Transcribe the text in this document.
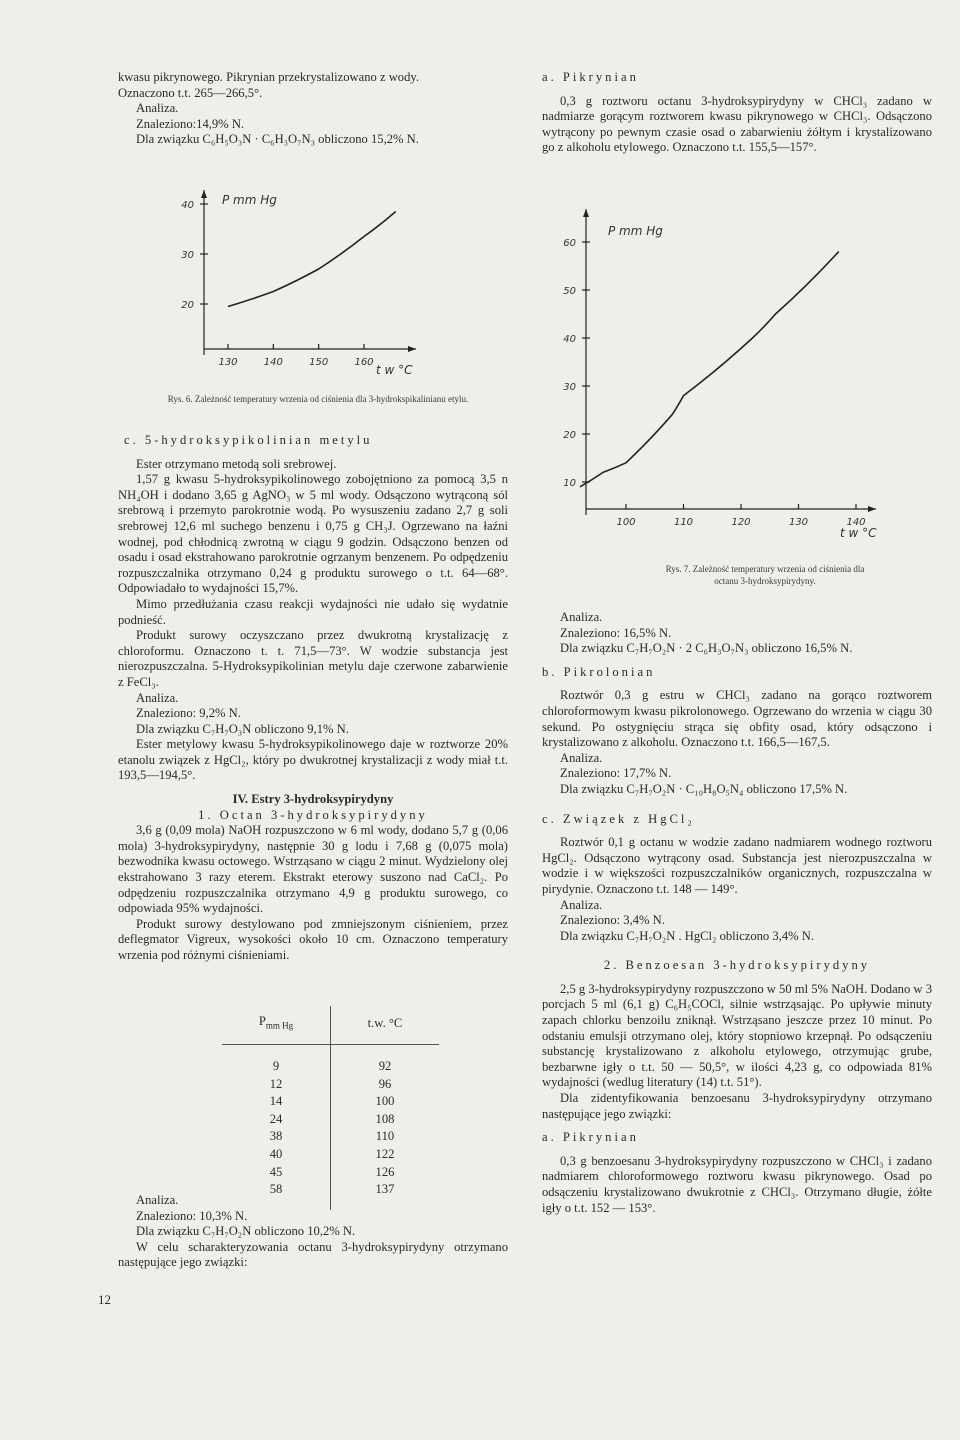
kwasu pikrynowego. Pikrynian przekrystalizowano z wody.

Oznaczono t.t. 265—266,5°.

Analiza.

Znaleziono:14,9% N.

Dla związku C₆H₅O₃N · C₆H₃O₇N₃ obliczono 15,2% N.

20
30
40
130	140	150	160
P mm Hg
t w °C
Rys. 6. Zależność temperatury wrzenia od ciśnienia dla 3-hydrokspikalinianu etylu.

c. 5-hydroksypikolinian metylu

Ester otrzymano metodą soli srebrowej.

1,57 g kwasu 5-hydroksypikolinowego zobojętniono za pomocą 3,5 n NH₄OH i dodano 3,65 g AgNO₃ w 5 ml wody. Odsączono wytrąconą sól srebrową i przemyto parokrotnie wodą. Po wysuszeniu zadano 2,7 g soli srebrowej 12,6 ml suchego benzenu i 0,75 g CH₃J. Ogrzewano na łaźni wodnej, pod chłodnicą zwrotną w ciągu 9 godzin. Odsączono benzen od osadu i osad ekstrahowano parokrotnie ogrzanym benzenem. Po odpędzeniu rozpuszczalnika otrzymano 0,24 g produktu surowego o t.t. 64—68°. Odpowiadało to wydajności 15,7%.

Mimo przedłużania czasu reakcji wydajności nie udało się wydatnie podnieść.

Produkt surowy oczyszczano przez dwukrotną krystalizację z chloroformu. Oznaczono t. t. 71,5—73°. W wodzie substancja jest nierozpuszczalna. 5-Hydroksypikolinian metylu daje czerwone zabarwienie z FeCl₃.

Analiza.

Znaleziono: 9,2% N.

Dla związku C₇H₇O₃N obliczono 9,1% N.

Ester metylowy kwasu 5-hydroksypikolinowego daje w roztworze 20% etanolu związek z HgCl₂, który po dwukrotnej krystalizacji z wody miał t.t. 193,5—194,5°.

IV. Estry 3-hydroksypirydyny

1. Octan 3-hydroksypirydyny

3,6 g (0,09 mola) NaOH rozpuszczono w 6 ml wody, dodano 5,7 g (0,06 mola) 3-hydroksypirydyny, następnie 30 g lodu i 7,68 g (0,075 mola) bezwodnika kwasu octowego. Wstrząsano w ciągu 2 minut. Wydzielony olej ekstrahowano 3 razy eterem. Ekstrakt eterowy suszono nad CaCl₂. Po odpędzeniu rozpuszczalnika otrzymano 4,9 g produktu surowego, co odpowiada 95% wydajności.

Produkt surowy destylowano pod zmniejszonym ciśnieniem, przez deflegmator Vigreux, wysokości około 10 cm. Oznaczono temperatury wrzenia pod różnymi ciśnieniami.

$P_{mm Hg}$	t.w. °C
9	92
12	96
14	100
24	108
38	110
40	122
45	126
58	137

Analiza.

Znaleziono: 10,3% N.

Dla związku C₇H₇O₂N obliczono 10,2% N.

W celu scharakteryzowania octanu 3-hydroksypirydyny otrzymano następujące jego związki:

12

a. Pikrynian

0,3 g roztworu octanu 3-hydroksypirydyny w CHCl₃ zadano w nadmiarze gorącym roztworem kwasu pikrynowego w CHCl₃. Odsączono wytrącony po pewnym czasie osad o zabarwieniu żółtym i krystalizowano go z alkoholu etylowego. Oznaczono t.t. 155,5—157°.

10
20
30
40
50
60
100	110	120	130	140
P mm Hg
t w °C
Rys. 7. Zależność temperatury wrzenia od ciśnienia dla octanu 3-hydroksypirydyny.

Analiza.

Znaleziono: 16,5% N.

Dla związku C₇H₇O₂N · 2 C₆H₃O₇N₃ obliczono 16,5% N.

b. Pikrolonian

Roztwór 0,3 g estru w CHCl₃ zadano na gorąco roztworem chloroformowym kwasu pikrolonowego. Ogrzewano do wrzenia w ciągu 30 sekund. Po ostygnięciu strąca się obfity osad, który odsączono i krystalizowano z alkoholu. Oznaczono t.t. 166,5—167,5.

Analiza.

Znaleziono: 17,7% N.

Dla związku C₇H₇O₂N · C₁₀H₈O₅N₄ obliczono 17,5% N.

c. Związek z HgCl₂

Roztwór 0,1 g octanu w wodzie zadano nadmiarem wodnego roztworu HgCl₂. Odsączono wytrącony osad. Substancja jest nierozpuszczalna w wodzie i w większości rozpuszczalników organicznych, rozpuszczalna w pirydynie. Oznaczono t.t. 148 — 149°.

Analiza.

Znaleziono: 3,4% N.

Dla związku C₇H₇O₂N . HgCl₂ obliczono 3,4% N.

2. Benzoesan 3-hydroksypirydyny

2,5 g 3-hydroksypirydyny rozpuszczono w 50 ml 5% NaOH. Dodano w 3 porcjach 5 ml (6,1 g) C₆H₅COCl, silnie wstrząsając. Po upływie minuty zapach chlorku benzoilu zniknął. Wstrząsano jeszcze przez 10 minut. Po odstaniu emulsji otrzymano olej, który stopniowo krzepnął. Po odsączeniu substancję krystalizowano z alkoholu etylowego, otrzymując grube, bezbarwne igły o t.t. 50 — 50,5°, w ilości 4,23 g, co odpowiada 81% wydajności (wedlug literatury (14) t.t. 51°).

Dla zidentyfikowania benzoesanu 3-hydroksypirydyny otrzymano następujące jego związki:

a. Pikrynian

0,3 g benzoesanu 3-hydroksypirydyny rozpuszczono w CHCl₃ i zadano nadmiarem chloroformowego roztworu kwasu pikrynowego. Osad po odsączeniu krystalizowano dwukrotnie z CHCl₃. Otrzymano długie, żółte igły o t.t. 152 — 153°.
